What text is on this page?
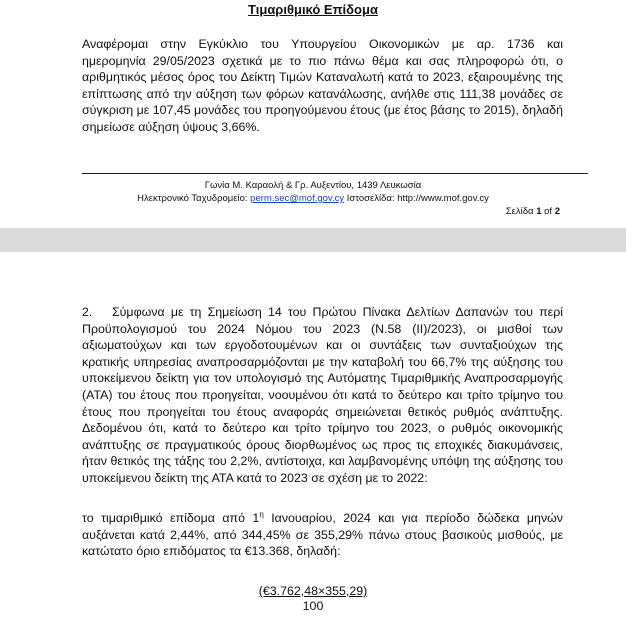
Τιμαριθμικό Επίδομα
Αναφέρομαι στην Εγκύκλιο του Υπουργείου Οικονομικών με αρ. 1736 και
ημερομηνία 29/05/2023 σχετικά με το πιο πάνω θέμα και σας πληροφορώ ότι, ο
αριθμητικός μέσος όρος του Δείκτη Τιμών Καταναλωτή κατά το 2023, εξαιρουμένης της
επίπτωσης από την αύξηση των φόρων κατανάλωσης, ανήλθε στις 111,38 μονάδες σε
σύγκριση με 107,45 μονάδες του προηγούμενου έτους (με έτος βάσης το 2015), δηλαδή
σημείωσε αύξηση ύψους 3,66%.
Γωνία Μ. Καραολή & Γρ. Αυξεντίου, 1439 Λευκωσία
Ηλεκτρονικό Ταχυδρομείο: perm.sec@mof.gov.cy Ιστοσελίδα: http://www.mof.gov.cy
Σελίδα 1 of 2
2. Σύμφωνα με τη Σημείωση 14 του Πρώτου Πίνακα Δελτίων Δαπανών του περί
Προϋπολογισμού του 2024 Νόμου του 2023 (Ν.58 (ΙΙ)/2023), οι μισθοί των
αξιωματούχων και των εργοδοτουμένων και οι συντάξεις των συνταξιούχων της
κρατικής υπηρεσίας αναπροσαρμόζονται με την καταβολή του 66,7% της αύξησης του
υποκείμενου δείκτη για τον υπολογισμό της Αυτόματης Τιμαριθμικής Αναπροσαρμογής
(ΑΤΑ) του έτους που προηγείται, νοουμένου ότι κατά το δεύτερο και τρίτο τρίμηνο του
έτους που προηγείται του έτους αναφοράς σημειώνεται θετικός ρυθμός ανάπτυξης.
Δεδομένου ότι, κατά το δεύτερο και τρίτο τρίμηνο του 2023, ο ρυθμός οικονομικής
ανάπτυξης σε πραγματικούς όρους διορθωμένος ως προς τις εποχικές διακυμάνσεις,
ήταν θετικός της τάξης του 2,2%, αντίστοιχα, και λαμβανομένης υπόψη της αύξησης του
υποκείμενου δείκτη της ΑΤΑ κατά το 2023 σε σχέση με το 2022:
το τιμαριθμικό επίδομα από $1^\eta$ Ιανουαρίου, 2024 και για περίοδο δώδεκα μηνών
αυξάνεται κατά 2,44%, από 344,45% σε 355,29% πάνω στους βασικούς μισθούς, με
κατώτατο όριο επιδόματος τα €13.368, δηλαδή:
$\frac{(€3.762,48\times 355,29)}{100}$
